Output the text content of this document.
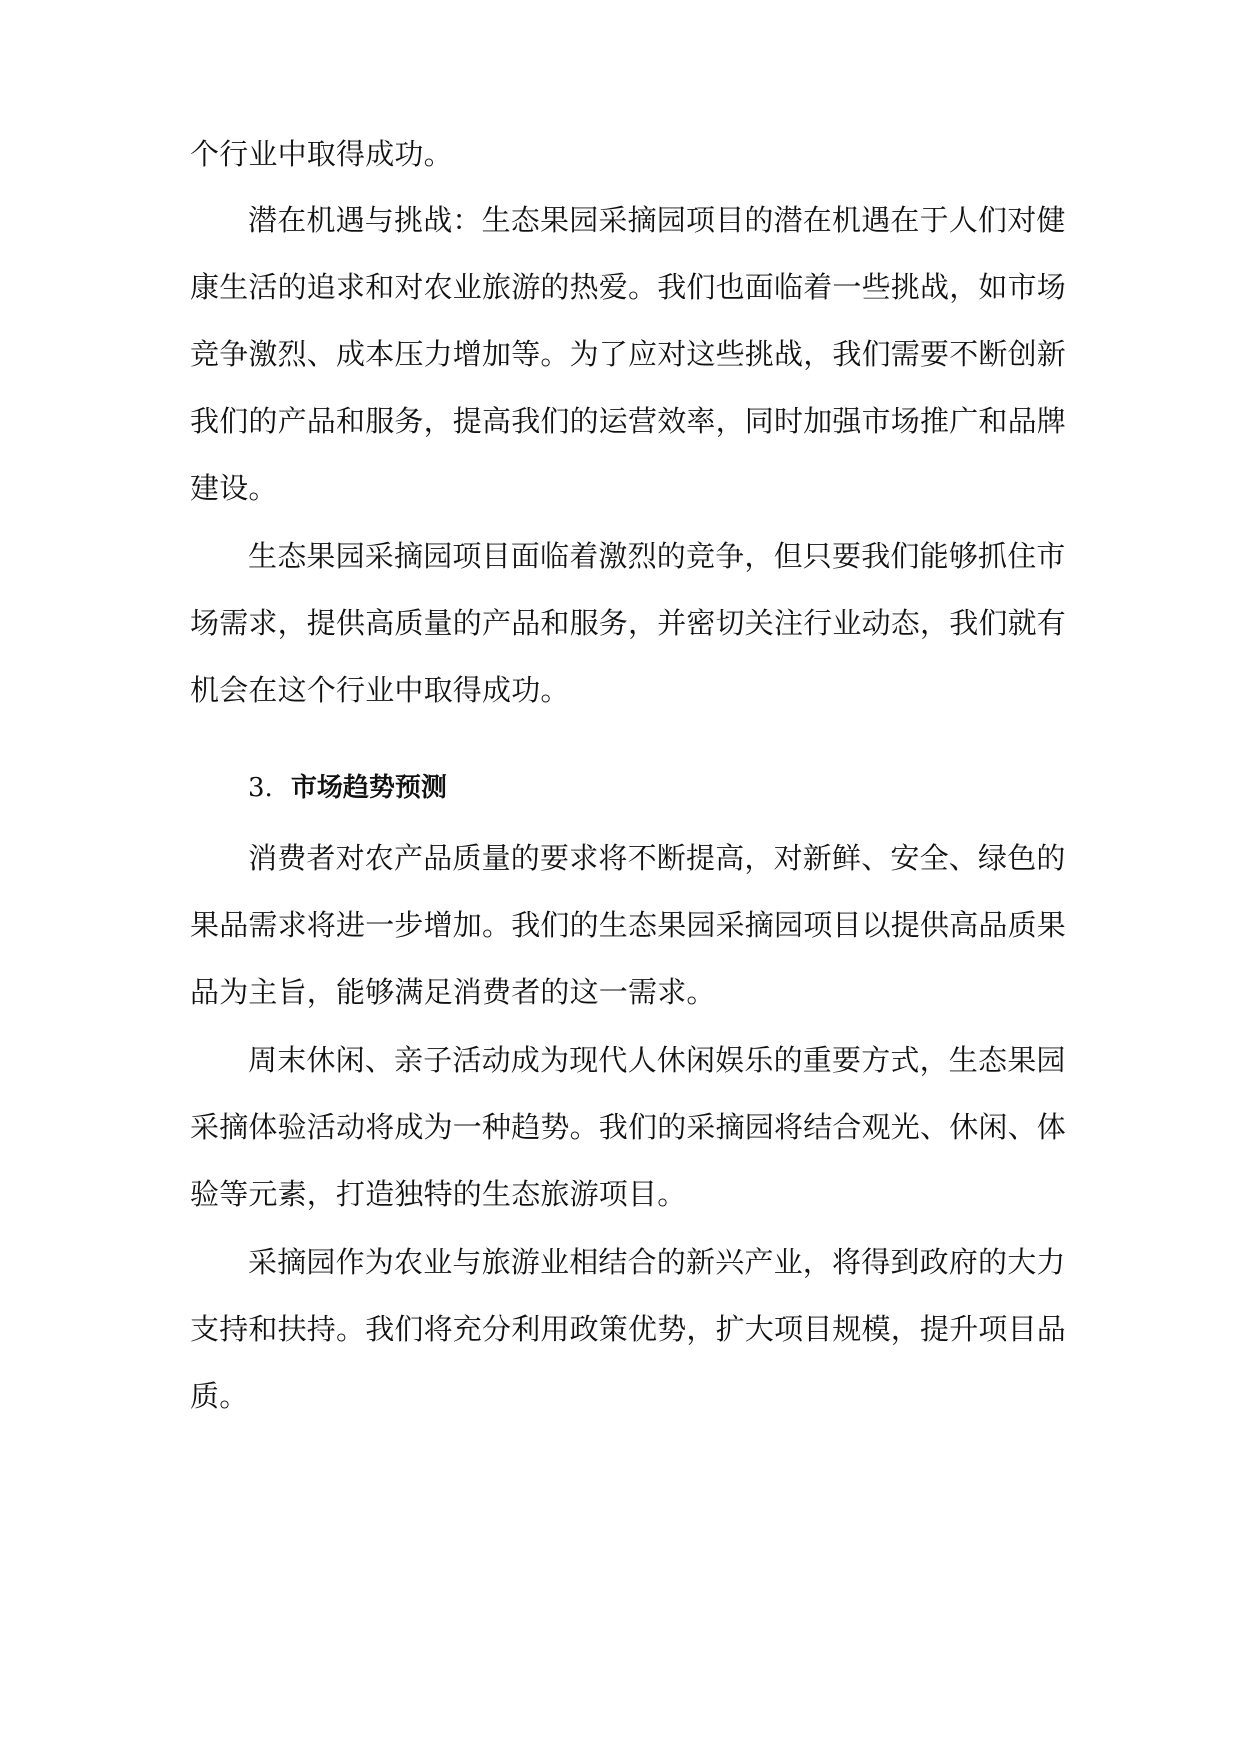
个行业中取得成功。
潜在机遇与挑战：生态果园采摘园项目的潜在机遇在于人们对健
康生活的追求和对农业旅游的热爱。我们也面临着一些挑战，如市场
竞争激烈、成本压力增加等。为了应对这些挑战，我们需要不断创新
我们的产品和服务，提高我们的运营效率，同时加强市场推广和品牌
建设。
生态果园采摘园项目面临着激烈的竞争，但只要我们能够抓住市
场需求，提供高质量的产品和服务，并密切关注行业动态，我们就有
机会在这个行业中取得成功。
3. 市场趋势预测
消费者对农产品质量的要求将不断提高，对新鲜、安全、绿色的
果品需求将进一步增加。我们的生态果园采摘园项目以提供高品质果
品为主旨，能够满足消费者的这一需求。
周末休闲、亲子活动成为现代人休闲娱乐的重要方式，生态果园
采摘体验活动将成为一种趋势。我们的采摘园将结合观光、休闲、体
验等元素，打造独特的生态旅游项目。
采摘园作为农业与旅游业相结合的新兴产业，将得到政府的大力
支持和扶持。我们将充分利用政策优势，扩大项目规模，提升项目品
质。
